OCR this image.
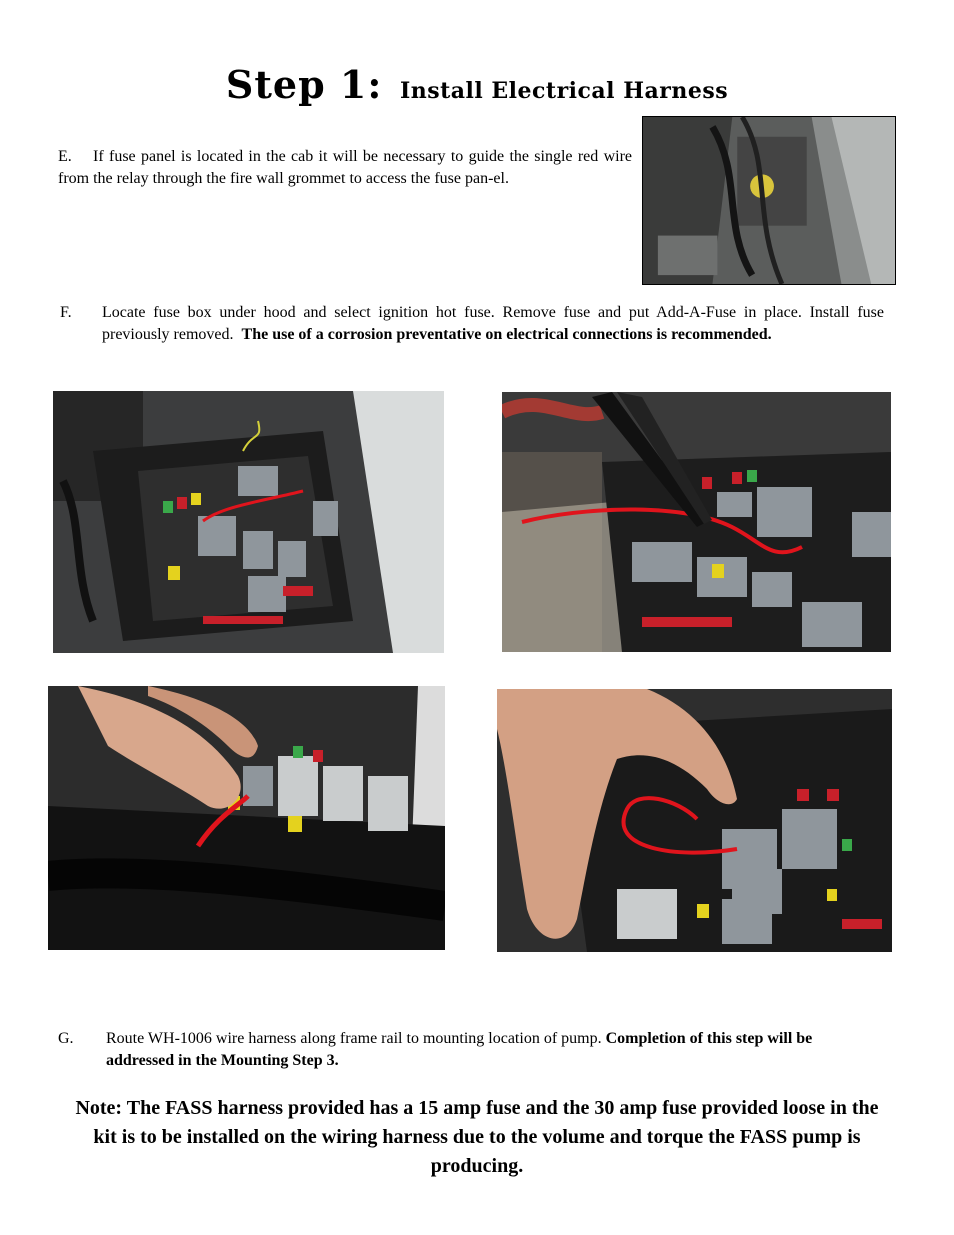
Step 1: Install Electrical Harness
E. If fuse panel is located in the cab it will be necessary to guide the single red wire from the relay through the fire wall grommet to access the fuse pan-el.
F. Locate fuse box under hood and select ignition hot fuse. Remove fuse and put Add-A-Fuse in place. Install fuse previously removed. The use of a corrosion preventative on electrical connections is recommended.
G. Route WH-1006 wire harness along frame rail to mounting location of pump. Completion of this step will be addressed in the Mounting Step 3.
Note: The FASS harness provided has a 15 amp fuse and the 30 amp fuse provided loose in the kit is to be installed on the wiring harness due to the volume and torque the FASS pump is producing.
